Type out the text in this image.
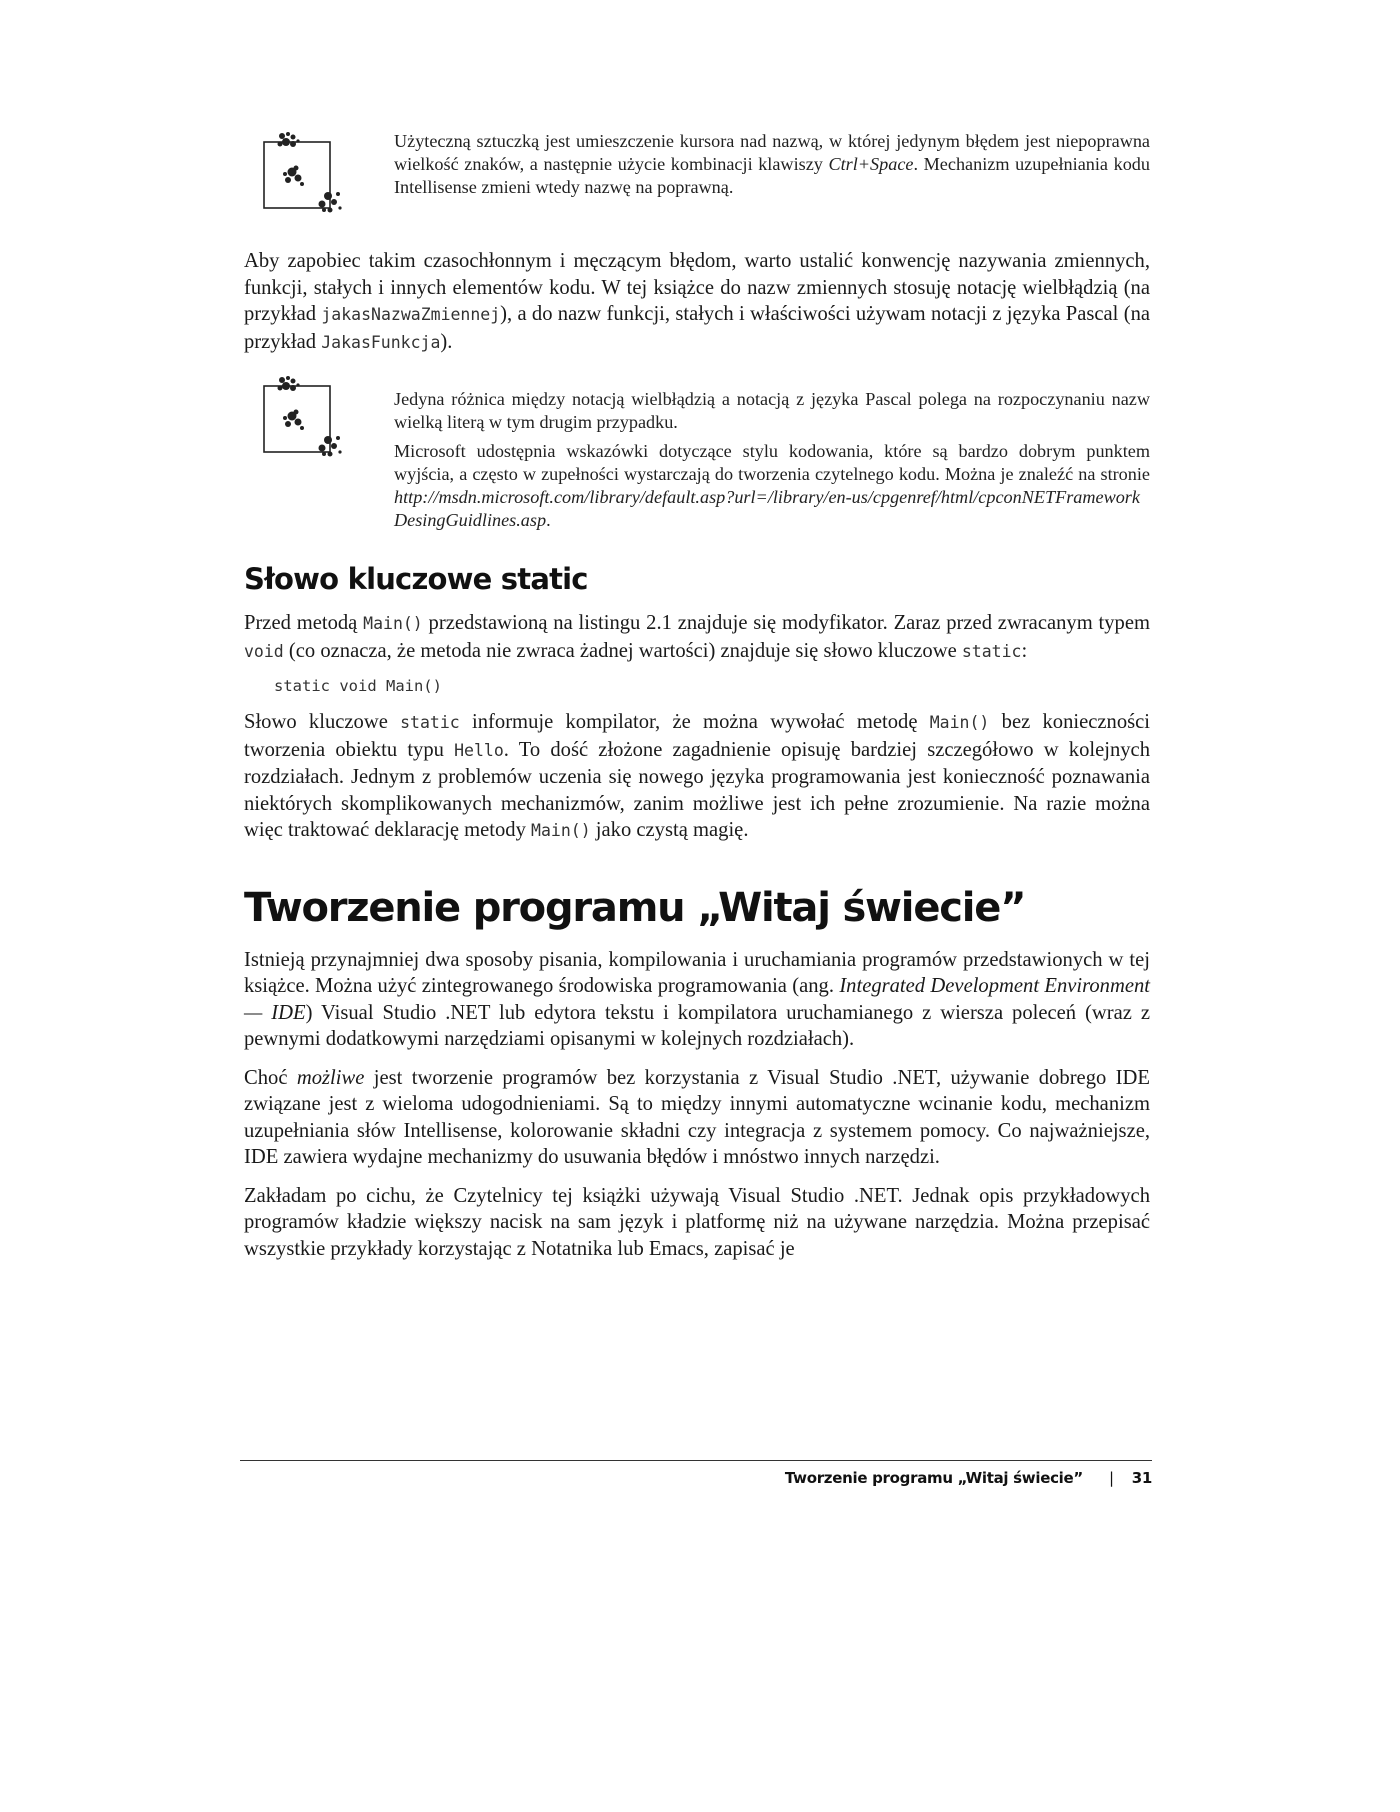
Użyteczną sztuczką jest umieszczenie kursora nad nazwą, w której jedynym błędem jest niepoprawna wielkość znaków, a następnie użycie kombinacji klawiszy Ctrl+Space. Mechanizm uzupełniania kodu Intellisense zmieni wtedy nazwę na poprawną.

Aby zapobiec takim czasochłonnym i męczącym błędom, warto ustalić konwencję nazywania zmiennych, funkcji, stałych i innych elementów kodu. W tej książce do nazw zmiennych stosuję notację wielbłądzią (na przykład jakasNazwaZmiennej), a do nazw funkcji, stałych i właściwości używam notacji z języka Pascal (na przykład JakasFunkcja).

Jedyna różnica między notacją wielbłądzią a notacją z języka Pascal polega na rozpoczynaniu nazw wielką literą w tym drugim przypadku.

Microsoft udostępnia wskazówki dotyczące stylu kodowania, które są bardzo dobrym punktem wyjścia, a często w zupełności wystarczają do tworzenia czytelnego kodu. Można je znaleźć na stronie http://msdn.microsoft.com/library/default.asp?url=/library/en-us/cpgenref/html/cpconNETFrameworkDesingGuidlines.asp.

Słowo kluczowe static

Przed metodą Main() przedstawioną na listingu 2.1 znajduje się modyfikator. Zaraz przed zwracanym typem void (co oznacza, że metoda nie zwraca żadnej wartości) znajduje się słowo kluczowe static:

static void Main()

Słowo kluczowe static informuje kompilator, że można wywołać metodę Main() bez konieczności tworzenia obiektu typu Hello. To dość złożone zagadnienie opisuję bardziej szczegółowo w kolejnych rozdziałach. Jednym z problemów uczenia się nowego języka programowania jest konieczność poznawania niektórych skomplikowanych mechanizmów, zanim możliwe jest ich pełne zrozumienie. Na razie można więc traktować deklarację metody Main() jako czystą magię.

Tworzenie programu „Witaj świecie”

Istnieją przynajmniej dwa sposoby pisania, kompilowania i uruchamiania programów przedstawionych w tej książce. Można użyć zintegrowanego środowiska programowania (ang. Integrated Development Environment — IDE) Visual Studio .NET lub edytora tekstu i kompilatora uruchamianego z wiersza poleceń (wraz z pewnymi dodatkowymi narzędziami opisanymi w kolejnych rozdziałach).

Choć możliwe jest tworzenie programów bez korzystania z Visual Studio .NET, używanie dobrego IDE związane jest z wieloma udogodnieniami. Są to między innymi automatyczne wcinanie kodu, mechanizm uzupełniania słów Intellisense, kolorowanie składni czy integracja z systemem pomocy. Co najważniejsze, IDE zawiera wydajne mechanizmy do usuwania błędów i mnóstwo innych narzędzi.

Zakładam po cichu, że Czytelnicy tej książki używają Visual Studio .NET. Jednak opis przykładowych programów kładzie większy nacisk na sam język i platformę niż na używane narzędzia. Można przepisać wszystkie przykłady korzystając z Notatnika lub Emacs, zapisać je

Tworzenie programu „Witaj świecie” | 31
